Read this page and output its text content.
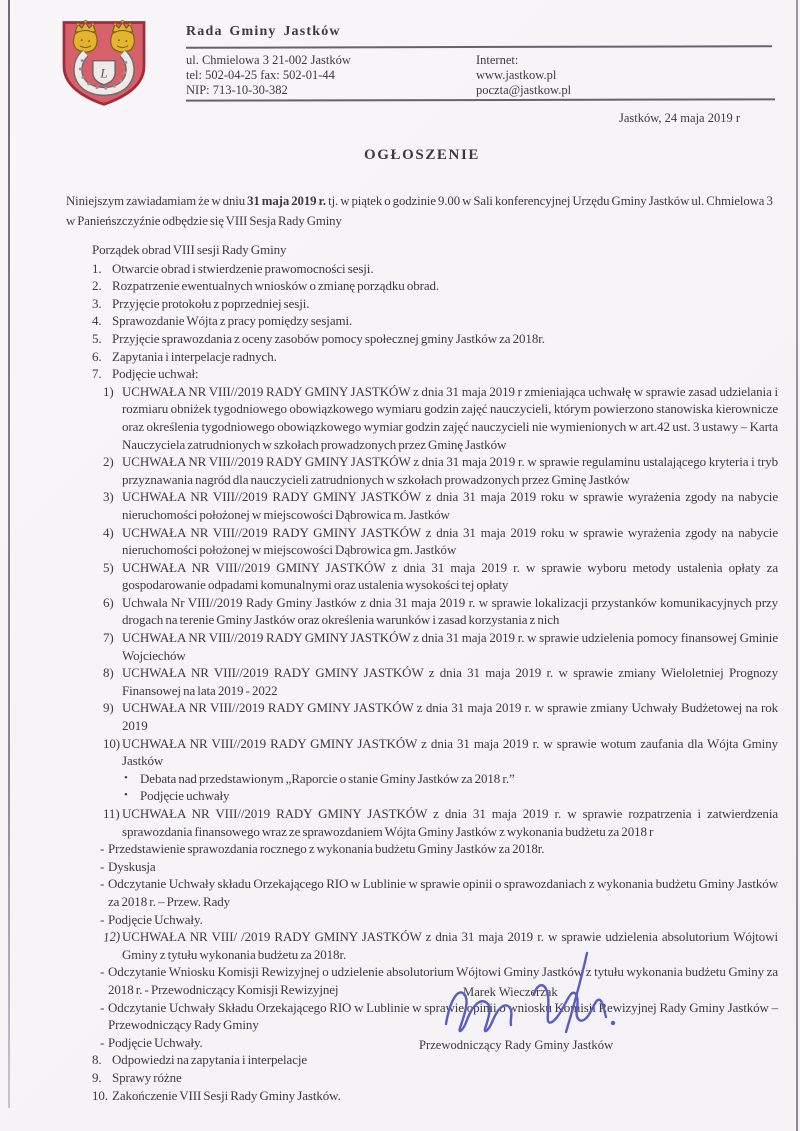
L
Rada Gminy Jastków
ul. Chmielowa 3 21-002 Jastków
tel: 502-04-25 fax: 502-01-44
NIP: 713-10-30-382
Internet:
www.jastkow.pl
poczta@jastkow.pl
Jastków, 24 maja 2019 r
OGŁOSZENIE

Niniejszym zawiadamiam że w dniu 31 maja 2019 r. tj. w piątek o godzinie 9.00 w Sali konferencyjnej Urzędu Gminy Jastków ul. Chmielowa 3
w Panieńszczyźnie odbędzie się VIII Sesja Rady Gminy

Porządek obrad VIII sesji Rady Gminy
1. Otwarcie obrad i stwierdzenie prawomocności sesji.
2. Rozpatrzenie ewentualnych wniosków o zmianę porządku obrad.
3. Przyjęcie protokołu z poprzedniej sesji.
4. Sprawozdanie Wójta z pracy pomiędzy sesjami.
5. Przyjęcie sprawozdania z oceny zasobów pomocy społecznej gminy Jastków za 2018r.
6. Zapytania i interpelacje radnych.
7. Podjęcie uchwał:
1) UCHWAŁA NR VIII//2019 RADY GMINY JASTKÓW z dnia 31 maja 2019 r zmieniająca uchwałę w sprawie zasad udzielania i rozmiaru obniżek tygodniowego obowiązkowego wymiaru godzin zajęć nauczycieli, którym powierzono stanowiska kierownicze oraz określenia tygodniowego obowiązkowego wymiar godzin zajęć nauczycieli nie wymienionych w art.42 ust. 3 ustawy – Karta Nauczyciela zatrudnionych w szkołach prowadzonych przez Gminę Jastków
2) UCHWAŁA NR VIII//2019 RADY GMINY JASTKÓW z dnia 31 maja 2019 r. w sprawie regulaminu ustalającego kryteria i tryb przyznawania nagród dla nauczycieli zatrudnionych w szkołach prowadzonych przez Gminę Jastków
3) UCHWAŁA NR VIII//2019 RADY GMINY JASTKÓW z dnia 31 maja 2019 roku w sprawie wyrażenia zgody na nabycie nieruchomości położonej w miejscowości Dąbrowica m. Jastków
4) UCHWAŁA NR VIII//2019 RADY GMINY JASTKÓW z dnia 31 maja 2019 roku w sprawie wyrażenia zgody na nabycie nieruchomości położonej w miejscowości Dąbrowica gm. Jastków
5) UCHWAŁA NR VIII//2019 GMINY JASTKÓW z dnia 31 maja 2019 r. w sprawie wyboru metody ustalenia opłaty za gospodarowanie odpadami komunalnymi oraz ustalenia wysokości tej opłaty
6) Uchwala Nr VIII//2019 Rady Gminy Jastków z dnia 31 maja 2019 r. w sprawie lokalizacji przystanków komunikacyjnych przy drogach na terenie Gminy Jastków oraz określenia warunków i zasad korzystania z nich
7) UCHWAŁA NR VIII//2019 RADY GMINY JASTKÓW z dnia 31 maja 2019 r. w sprawie udzielenia pomocy finansowej Gminie Wojciechów
8) UCHWAŁA NR VIII//2019 RADY GMINY JASTKÓW z dnia 31 maja 2019 r. w sprawie zmiany Wieloletniej Prognozy Finansowej na lata 2019 - 2022
9) UCHWAŁA NR VIII//2019 RADY GMINY JASTKÓW z dnia 31 maja 2019 r. w sprawie zmiany Uchwały Budżetowej na rok 2019
10) UCHWAŁA NR VIII//2019 RADY GMINY JASTKÓW z dnia 31 maja 2019 r. w sprawie wotum zaufania dla Wójta Gminy Jastków
• Debata nad przedstawionym „Raporcie o stanie Gminy Jastków za 2018 r.”
• Podjęcie uchwały
11) UCHWAŁA NR VIII//2019 RADY GMINY JASTKÓW z dnia 31 maja 2019 r. w sprawie rozpatrzenia i zatwierdzenia sprawozdania finansowego wraz ze sprawozdaniem Wójta Gminy Jastków z wykonania budżetu za 2018 r
- Przedstawienie sprawozdania rocznego z wykonania budżetu Gminy Jastków za 2018r.
- Dyskusja
- Odczytanie Uchwały składu Orzekającego RIO w Lublinie w sprawie opinii o sprawozdaniach z wykonania budżetu Gminy Jastków za 2018 r. – Przew. Rady
- Podjęcie Uchwały.
12) UCHWAŁA NR VIII/ /2019 RADY GMINY JASTKÓW z dnia 31 maja 2019 r. w sprawie udzielenia absolutorium Wójtowi Gminy z tytułu wykonania budżetu za 2018r.
- Odczytanie Wniosku Komisji Rewizyjnej o udzielenie absolutorium Wójtowi Gminy Jastków z tytułu wykonania budżetu Gminy za 2018 r. - Przewodniczący Komisji Rewizyjnej
- Odczytanie Uchwały Składu Orzekającego RIO w Lublinie w sprawie opinii o wniosku Komisji Rewizyjnej Rady Gminy Jastków – Przewodniczący Rady Gminy
- Podjęcie Uchwały.
8. Odpowiedzi na zapytania i interpelacje
9. Sprawy różne
10. Zakończenie VIII Sesji Rady Gminy Jastków.
Marek Wieczerzak
Przewodniczący Rady Gminy Jastków
